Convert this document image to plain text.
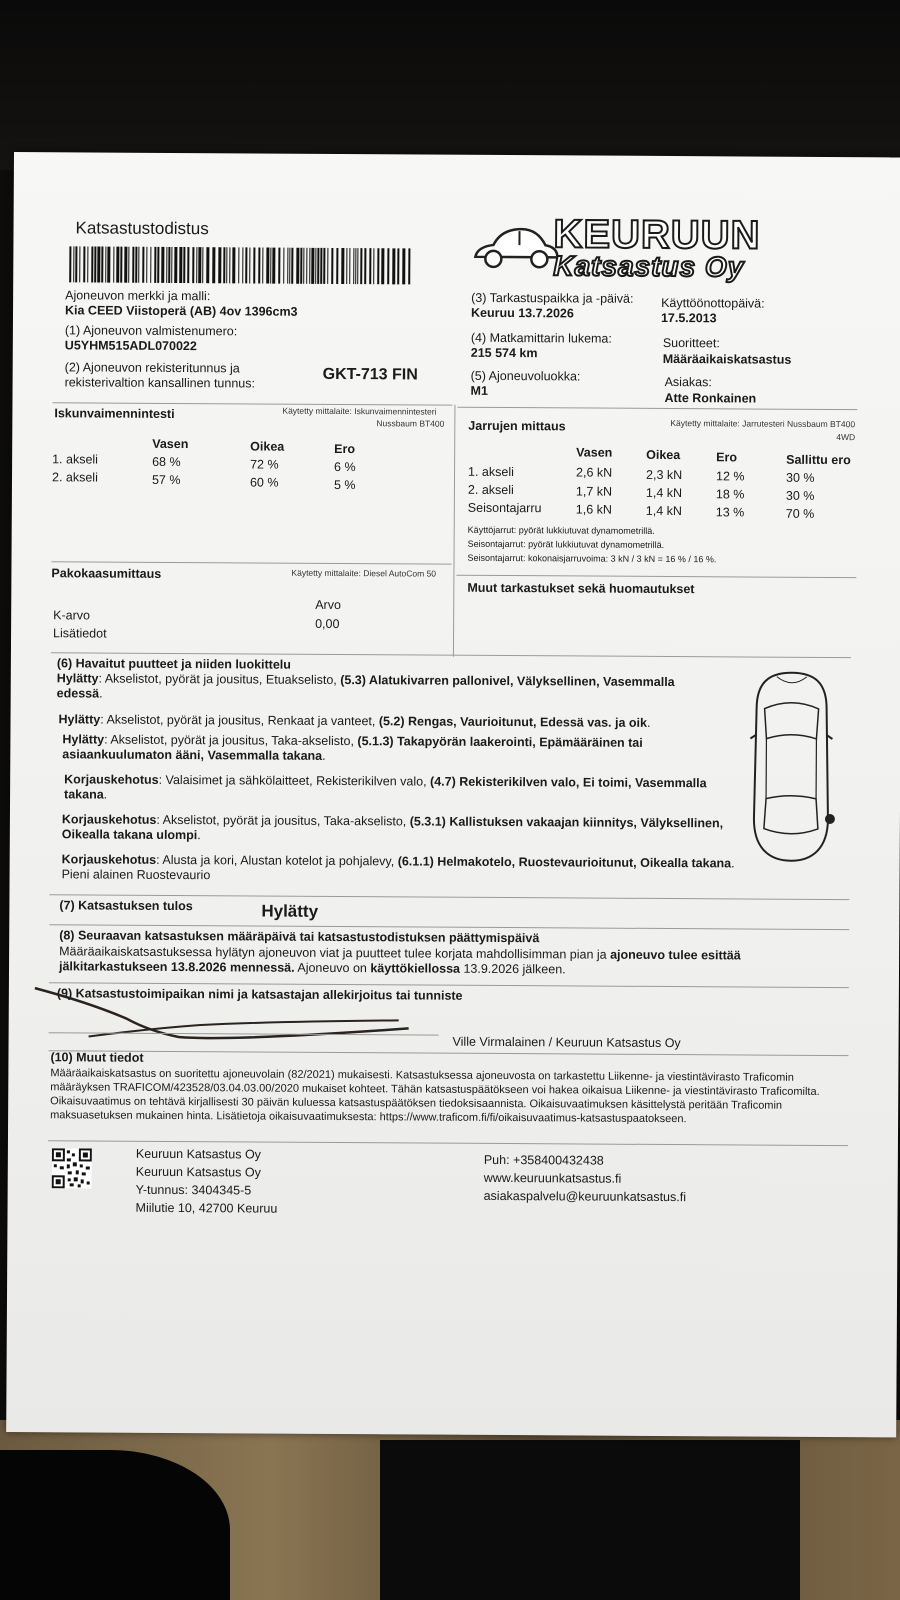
Katsastustodistus	KEURUUN
Katsastus Oy
Ajoneuvon merkki ja malli:
Kia CEED Viistoperä (AB) 4ov 1396cm3
(1) Ajoneuvon valmistenumero:
U5YHM515ADL070022
(2) Ajoneuvon rekisteritunnus ja
rekisterivaltion kansallinen tunnus:	GKT-713 FIN
(3) Tarkastuspaikka ja -päivä:
Keuruu 13.7.2026
(4) Matkamittarin lukema:
215 574 km
(5) Ajoneuvoluokka:
M1
Käyttöönottopäivä:
17.5.2013
Suoritteet:
Määräaikaiskatsastus
Asiakas:
Atte Ronkainen
Iskunvaimennintesti	Käytetty mittalaite: Iskunvaimennintesteri
Nussbaum BT400
Vasen	Oikea	Ero
1. akseli	68 %	72 %	6 %
2. akseli	57 %	60 %	5 %
Jarrujen mittaus	Käytetty mittalaite: Jarrutesteri Nussbaum BT400
4WD
Vasen	Oikea	Ero	Sallittu ero
1. akseli	2,6 kN	2,3 kN	12 %	30 %
2. akseli	1,7 kN	1,4 kN	18 %	30 %
Seisontajarru	1,6 kN	1,4 kN	13 %	70 %
Käyttöjarrut: pyörät lukkiutuvat dynamometrillä.
Seisontajarrut: pyörät lukkiutuvat dynamometrillä.
Seisontajarrut: kokonaisjarruvoima: 3 kN / 3 kN = 16 % / 16 %.
Pakokaasumittaus	Käytetty mittalaite: Diesel AutoCom 50
Arvo
K-arvo
0,00
Lisätiedot
Muut tarkastukset sekä huomautukset
(6) Havaitut puutteet ja niiden luokittelu
Hylätty: Akselistot, pyörät ja jousitus, Etuakselisto, (5.3) Alatukivarren pallonivel, Välyksellinen, Vasemmalla edessä.
Hylätty: Akselistot, pyörät ja jousitus, Renkaat ja vanteet, (5.2) Rengas, Vaurioitunut, Edessä vas. ja oik.
Hylätty: Akselistot, pyörät ja jousitus, Taka-akselisto, (5.1.3) Takapyörän laakerointi, Epämääräinen tai asiaankuulumaton ääni, Vasemmalla takana.
Korjauskehotus: Valaisimet ja sähkölaitteet, Rekisterikilven valo, (4.7) Rekisterikilven valo, Ei toimi, Vasemmalla takana.
Korjauskehotus: Akselistot, pyörät ja jousitus, Taka-akselisto, (5.3.1) Kallistuksen vakaajan kiinnitys, Välyksellinen, Oikealla takana ulompi.
Korjauskehotus: Alusta ja kori, Alustan kotelot ja pohjalevy, (6.1.1) Helmakotelo, Ruostevaurioitunut, Oikealla takana. Pieni alainen Ruostevaurio
(7) Katsastuksen tulos	Hylätty
(8) Seuraavan katsastuksen määräpäivä tai katsastustodistuksen päättymispäivä
Määräaikaiskatsastuksessa hylätyn ajoneuvon viat ja puutteet tulee korjata mahdollisimman pian ja ajoneuvo tulee esittää jälkitarkastukseen 13.8.2026 mennessä. Ajoneuvo on käyttökiellossa 13.9.2026 jälkeen.
(9) Katsastustoimipaikan nimi ja katsastajan allekirjoitus tai tunniste
Ville Virmalainen / Keuruun Katsastus Oy
(10) Muut tiedot
Määräaikaiskatsastus on suoritettu ajoneuvolain (82/2021) mukaisesti. Katsastuksessa ajoneuvosta on tarkastettu Liikenne- ja viestintävirasto Traficomin määräyksen TRAFICOM/423528/03.04.03.00/2020 mukaiset kohteet. Tähän katsastuspäätökseen voi hakea oikaisua Liikenne- ja viestintävirasto Traficomilta. Oikaisuvaatimus on tehtävä kirjallisesti 30 päivän kuluessa katsastuspäätöksen tiedoksisaannista. Oikaisuvaatimuksen käsittelystä peritään Traficomin maksuasetuksen mukainen hinta. Lisätietoja oikaisuvaatimuksesta: https://www.traficom.fi/fi/oikaisuvaatimus-katsastuspaatokseen.
Keuruun Katsastus Oy
Keuruun Katsastus Oy
Y-tunnus: 3404345-5
Miilutie 10, 42700 Keuruu
Puh: +358400432438
www.keuruunkatsastus.fi
asiakaspalvelu@keuruunkatsastus.fi
